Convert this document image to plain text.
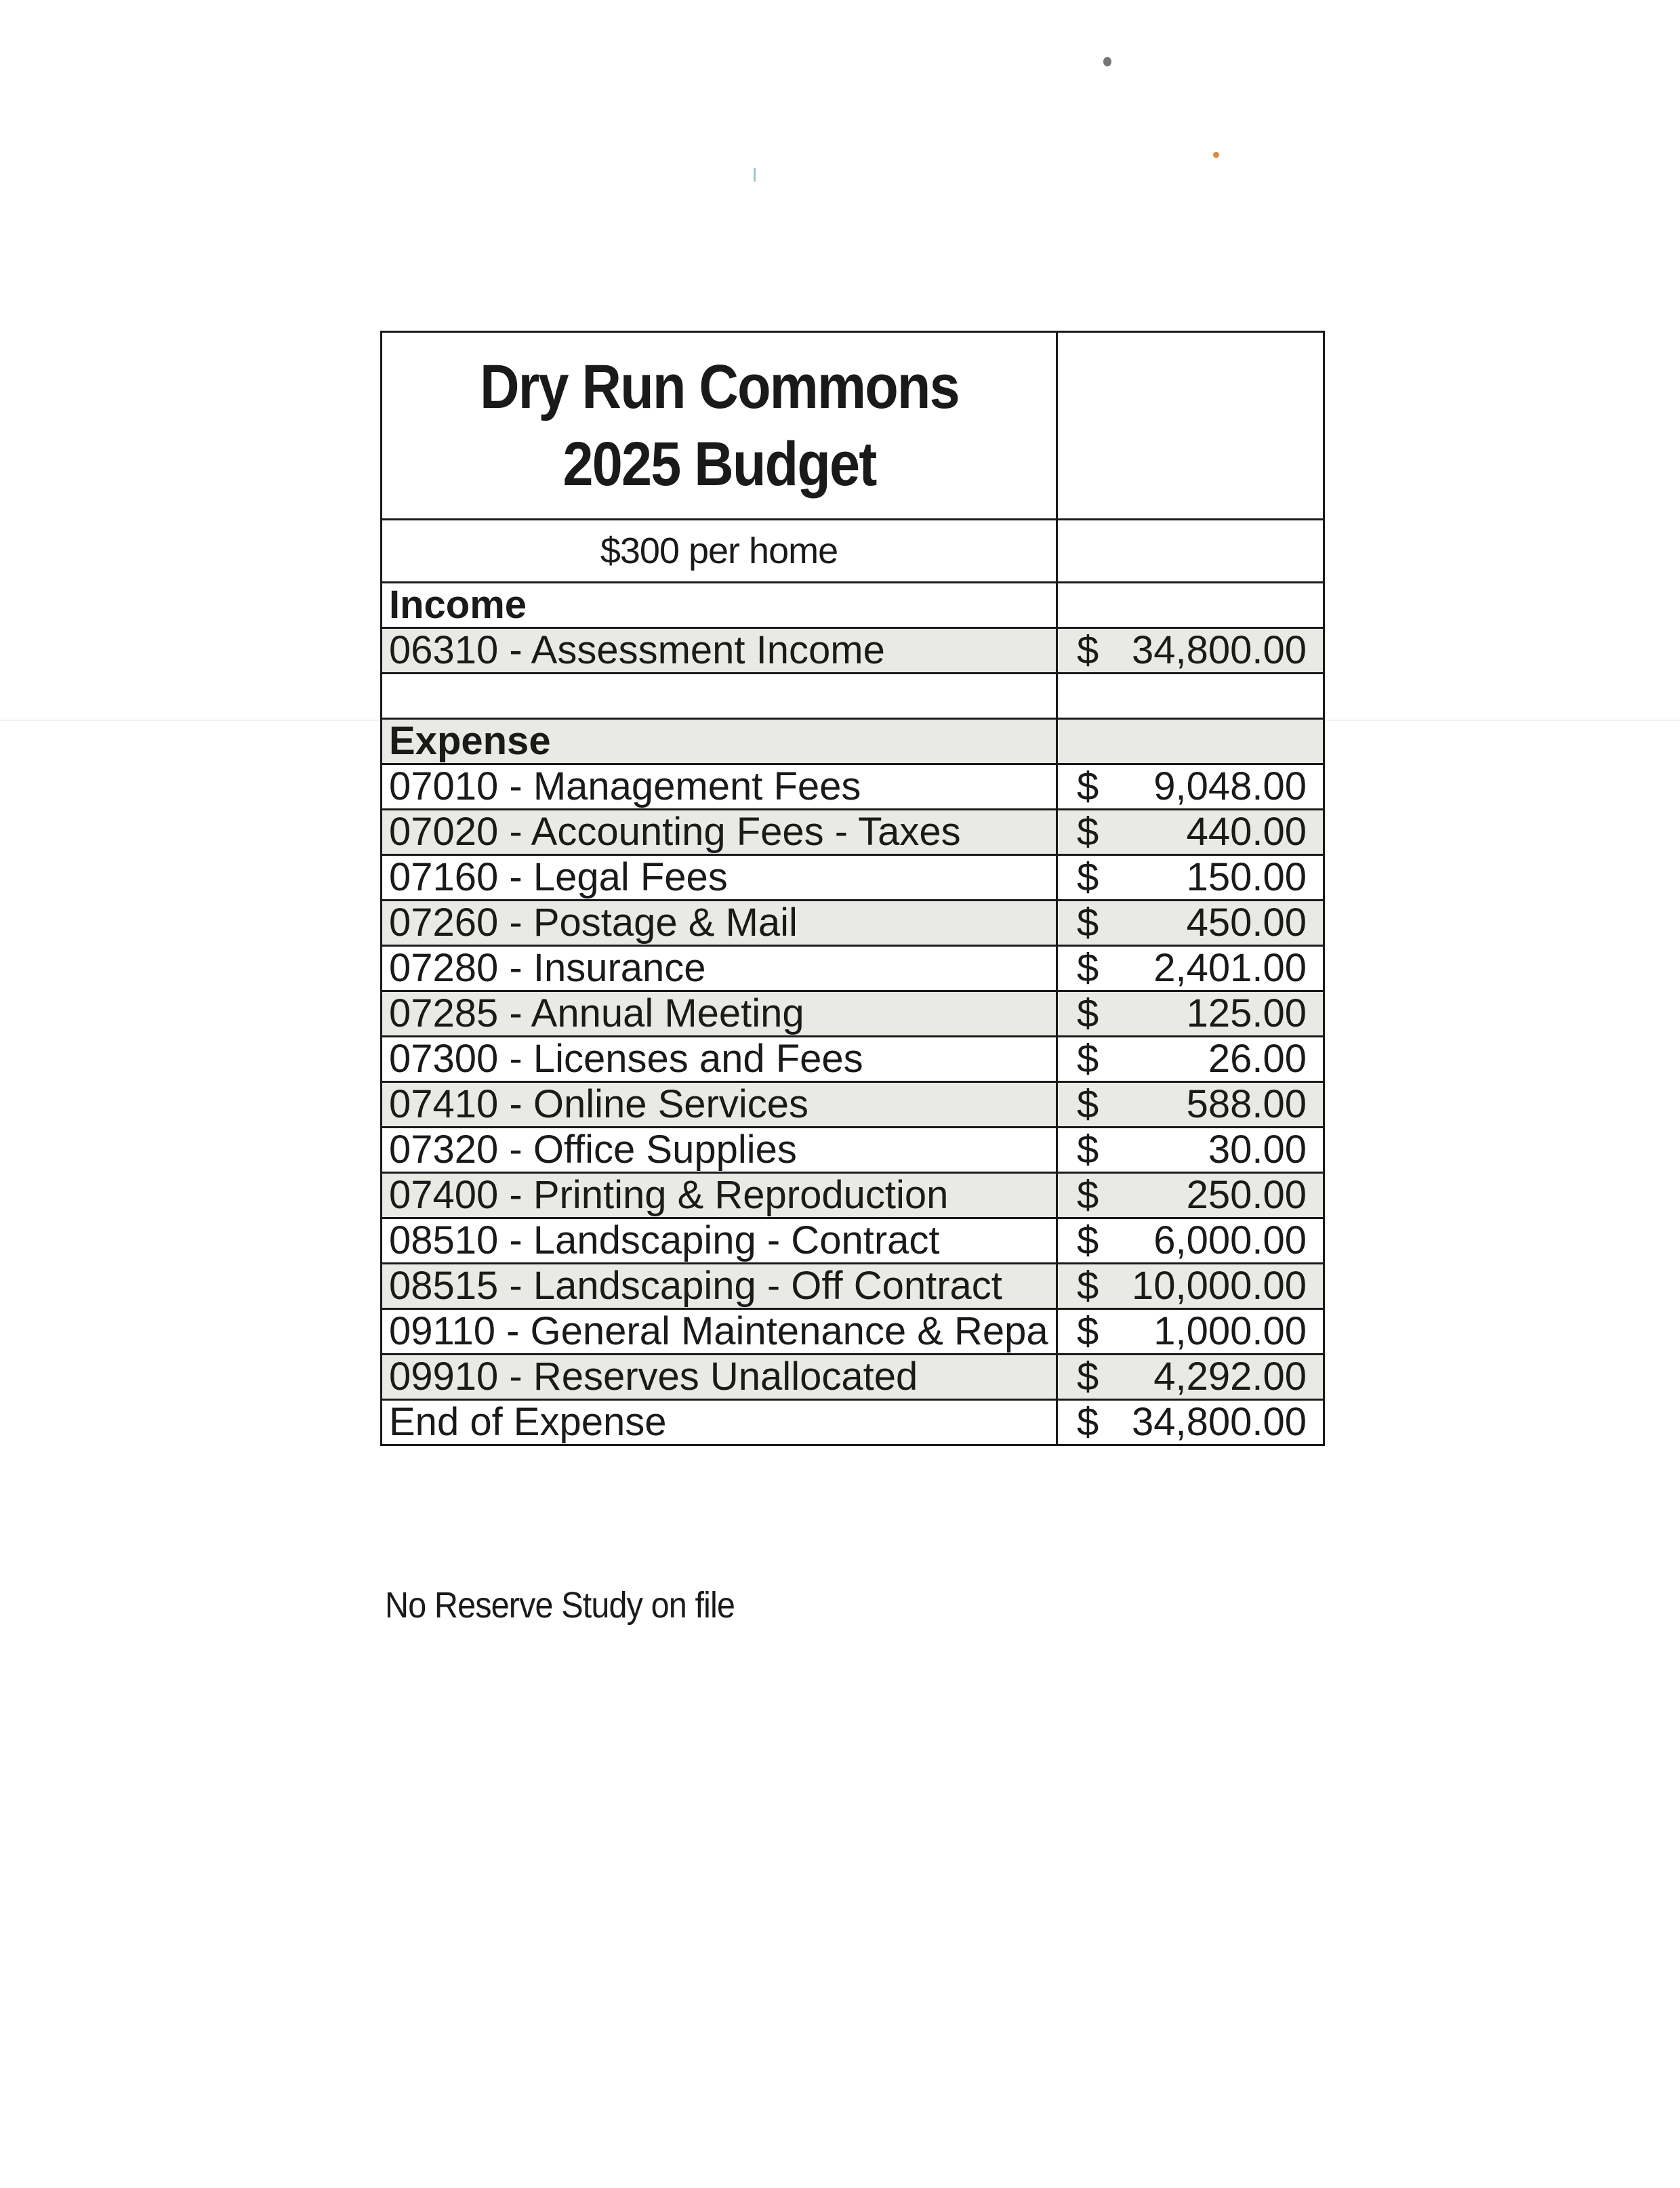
Dry Run Commons
2025 Budget	

$300 per home	
Income	
06310 - Assessment Income	$ 34,800.00

Expense	
07010 - Management Fees	$ 9,048.00

07020 - Accounting Fees - Taxes	$ 440.00

07160 - Legal Fees	$ 150.00

07260 - Postage & Mail	$ 450.00

07280 - Insurance	$ 2,401.00

07285 - Annual Meeting	$ 125.00

07300 - Licenses and Fees	$ 26.00

07410 - Online Services	$ 588.00

07320 - Office Supplies	$ 30.00

07400 - Printing & Reproduction	$ 250.00

08510 - Landscaping - Contract	$ 6,000.00

08515 - Landscaping - Off Contract	$ 10,000.00

09110 - General Maintenance & Repa	$ 1,000.00

09910 - Reserves Unallocated	$ 4,292.00

End of Expense	$ 34,800.00
No Reserve Study on file
